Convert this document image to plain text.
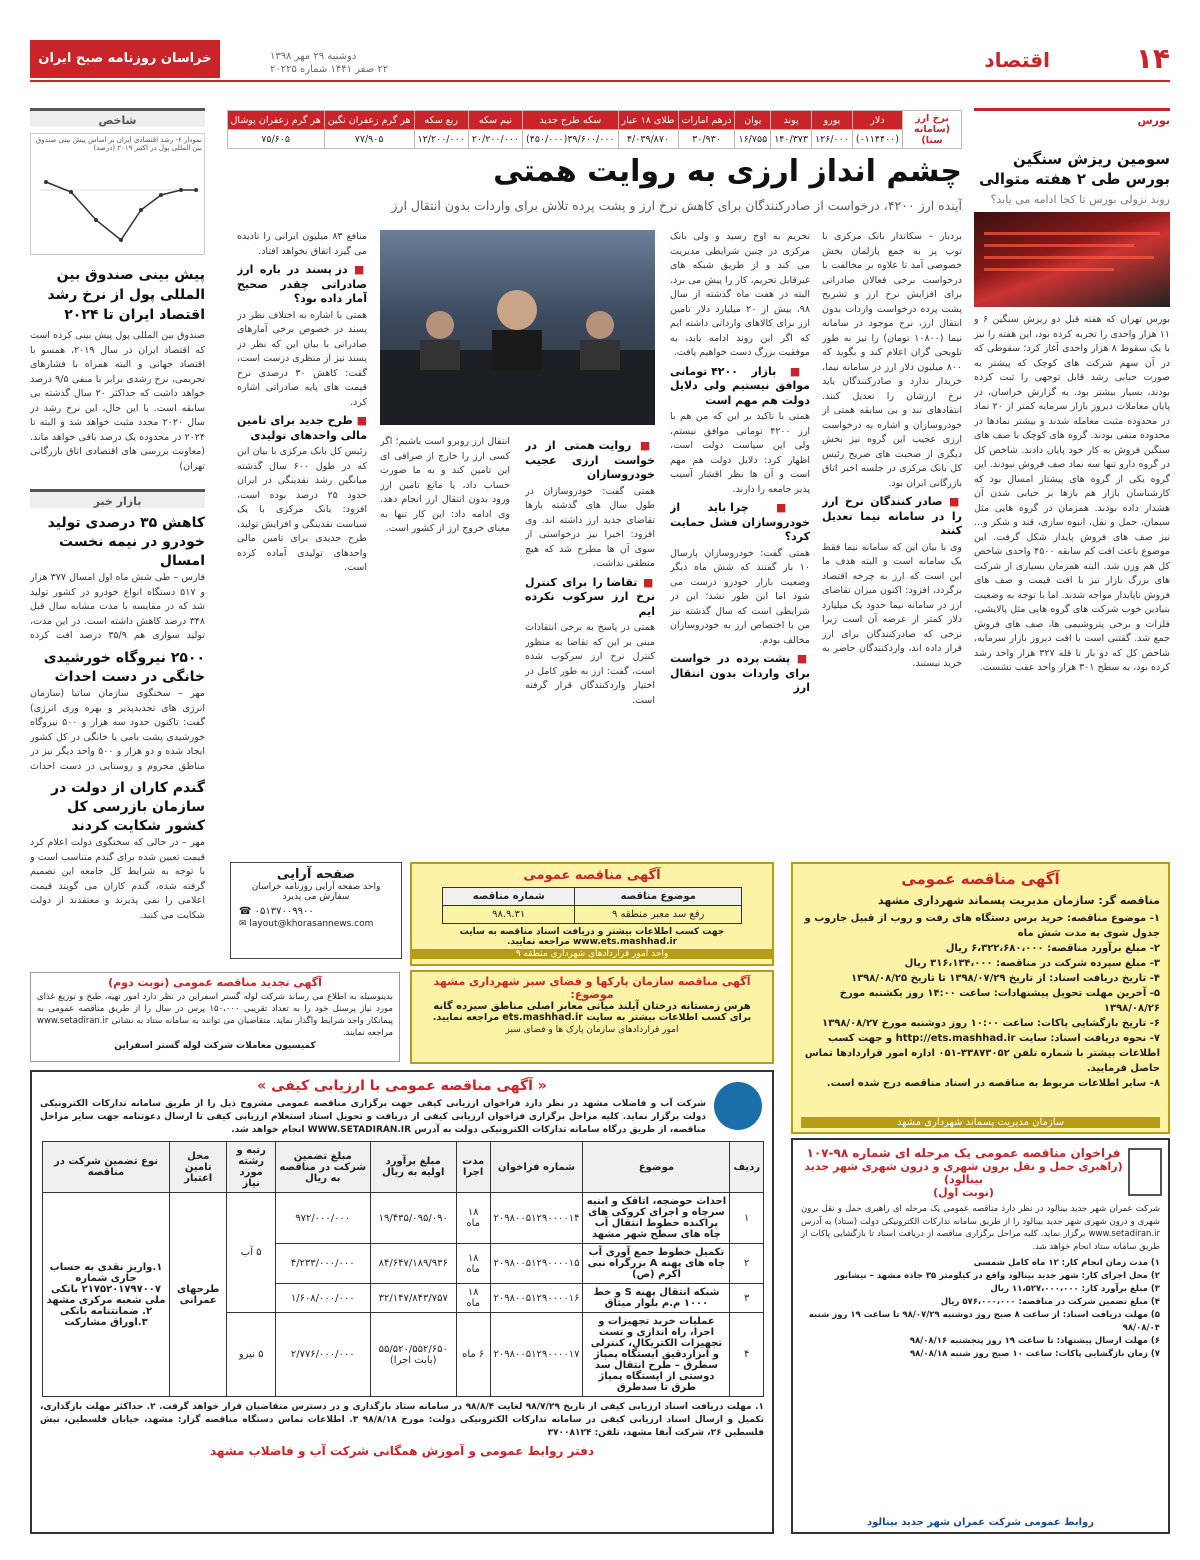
۱۴
اقتصاد
دوشنبه ۲۹ مهر ۱۳۹۸
۲۲ صفر ۱۴۴۱ شماره ۲۰۲۲۵
خراسان روزنامه صبح ایران
بورس
سومین ریزش سنگین بورس طی ۲ هفته متوالی
روند نزولی بورس تا کجا ادامه می یابد؟
بورس تهران که هفته قبل دو ریزش سنگین ۶ و ۱۱ هزار واحدی را تجربه کرده بود، این هفته را نیز با یک سقوط ۸ هزار واحدی آغاز کرد؛ سقوطی که در آن سهم شرکت های کوچک که پیشتر به صورت حبابی رشد قابل توجهی را ثبت کرده بودند، بسیار بیشتر بود. به گزارش خراسان، در پایان معاملات دیروز بازار سرمایه کمتر از ۲۰ نماد در محدوده مثبت معامله شدند و بیشتر نمادها در محدوده منفی بودند. گروه های کوچک با صف های سنگین فروش به کار خود پایان دادند. شاخص کل در گروه دارو تنها سه نماد صف فروش نبودند. این گروه یکی از گروه های پیشتاز امسال بود که کارشناسان بازار هم بارها بر حبابی شدن آن هشدار داده بودند. همزمان در گروه هایی مثل سیمان، حمل و نقل، انبوه سازی، قند و شکر و... نیز صف های فروش پایدار شکل گرفت. این موضوع باعث افت کم سابقه ۴۵۰۰ واحدی شاخص کل هم وزن شد. البته همزمان بسیاری از شرکت های بزرگ بازار نیز با افت قیمت و صف های فروش ناپایدار مواجه شدند. اما با توجه به وضعیت بنیادین خوب شرکت های گروه هایی مثل پالایشی، فلزات و برخی پتروشیمی ها، صف های فروش جمع شد. گفتنی است با افت دیروز بازار سرمایه، شاخص کل که دو بار تا قله ۳۲۷ هزار واحد رشد کرده بود، به سطح ۳۰۱ هزار واحد عقب نشست.
نرخ ارز (سامانه سنا)	دلار	یورو	پوند	یوان	درهم امارات	طلای ۱۸ عیار	سکه طرح جدید	نیم سکه	ربع سکه	هر گرم زعفران نگین	هر گرم زعفران پوشال
	(۰۱۱۴۴۰۰)	۱۲۶/۰۰۰	۱۴۰/۳۷۳	۱۶/۷۵۵	۳۰/۹۳۰	۴/۰۳۹/۸۷۰	۳۹/۶۰۰/۰۰۰(۴۵۰/۰۰۰)	۲۰/۲۰۰/۰۰۰	۱۲/۲۰۰/۰۰۰	۷۷/۹۰۵	۷۵/۶۰۵
چشم انداز ارزی به روایت همتی
آینده ارز ۴۲۰۰، درخواست از صادرکنندگان برای کاهش نرخ ارز و پشت پرده تلاش برای واردات بدون انتقال ارز
بردبار – سکاندار بانک مرکزی با توپ پر به جمع پارلمان بخش خصوصی آمد تا علاوه بر مخالفت با درخواست برخی فعالان صادراتی برای افزایش نرخ ارز و تشریح پشت پرده درخواست واردات بدون انتقال ارز، نرخ موجود در سامانه نیما (۱۰۸۰۰ تومان) را نیز به طور تلویحی گران اعلام کند و بگوید که ۸۰۰ میلیون دلار ارز در سامانه نیما، خریدار ندارد و صادرکنندگان باید نرخ ارزشان را تعدیل کنند. انتقادهای تند و بی سابقه همتی از خودروسازان و اشاره به درخواست ارزی عجیب این گروه نیز بخش دیگری از صحبت های صریح رئیس کل بانک مرکزی در جلسه اخیر اتاق بازرگانی ایران بود.
■ صادر کنندگان نرخ ارز را در سامانه نیما تعدیل کنند
وی با بیان این که سامانه نیما فقط یک سامانه است و البته هدف ما این است که ارز به چرخه اقتصاد برگردد، افزود: اکنون میزان تقاضای ارز در سامانه نیما حدود یک میلیارد دلار کمتر از عرضه آن است زیرا نرخی که صادرکنندگان برای ارز قرار داده اند، واردکنندگان حاضر به خرید نیستند.
تحریم به اوج رسید و ولی بانک مرکزی در چنین شرایطی مدیریت می کند و از طریق شبکه های غیرقابل تحریم، کار را پیش می برد. البته در هفت ماه گذشته از سال ۹۸، بیش از ۲۰ میلیارد دلار تامین ارز برای کالاهای وارداتی داشته ایم که اگر این روند ادامه یابد، به موفقیت بزرگ دست خواهیم یافت.
■ بازار ۴۲۰۰ تومانی موافق نیستیم ولی دلایل دولت هم مهم است
همتی با تاکید بر این که من هم با ارز ۴۲۰۰ تومانی موافق نیستم، ولی این سیاست دولت است، اظهار کرد: دلایل دولت هم مهم است و آن ها نظر اقشار آسیب پذیر جامعه را دارند.
■ چرا باید از خودروسازان فشل حمایت کرد؟
همتی گفت: خودروسازان پارسال ۱۰ بار گفتند که شش ماه دیگر وضعیت بازار خودرو درست می شود اما این طور نشد؛ این در شرایطی است که سال گذشته نیز من با اختصاص ارز به خودروسازان مخالف بودم.
■ پشت پرده در خواست برای واردات بدون انتقال ارز
■ روایت همتی از در خواست ارزی عجیب خودروسازان
همتی گفت: خودروسازان در طول سال های گذشته بارها تقاضای جدید ارز داشته اند. وی افزود: اخیرا نیز درخواستی از سوی آن ها مطرح شد که هیچ منطقی نداشت.
■ تقاضا را برای کنترل نرخ ارز سرکوب نکرده ایم
همتی در پاسخ به برخی انتقادات مبنی بر این که تقاضا به منظور کنترل نرخ ارز سرکوب شده است، گفت: ارز به طور کامل در اختیار واردکنندگان قرار گرفته است.
انتقال ارز روبرو است باشیم؛ اگر کسی ارز را خارج از صرافی ای این تامین کند و به ما صورت حساب داد، یا مانع تامین ارز ورود بدون انتقال ارز انجام دهد. وی ادامه داد: این کار تنها به معنای خروج ارز از کشور است.
منافع ۸۳ میلیون ایرانی را نادیده می گیرد اتفاق نخواهد افتاد.
■ دز پسند در باره ارز صادراتی چقدر صحیح آمار داده بود؟
همتی با اشاره به اختلاف نظر دز پسند در خصوص برخی آمارهای صادراتی با بیان این که نظر دز پسند نیز از منظری درست است، گفت: کاهش ۳۰ درصدی نرخ قیمت های پایه صادراتی اشاره کرد.
■ طرح جدید برای تامین مالی واحدهای تولیدی
رئیس کل بانک مرکزی با بیان این که در طول ۶۰۰ سال گذشته میانگین رشد نقدینگی در ایران حدود ۲۵ درصد بوده است، افزود: بانک مرکزی با یک سیاست نقدینگی و افزایش تولید، طرح جدیدی برای تامین مالی واحدهای تولیدی آماده کرده است.
شاخص
نمودار ۶- رشد اقتصادی ایران بر اساس پیش بینی صندوق بین المللی پول در اکتبر ۲۰۱۹ (درصد)
پیش بینی صندوق بین المللی پول از نرخ رشد اقتصاد ایران تا ۲۰۲۴
صندوق بین المللی پول پیش بینی کرده است که اقتصاد ایران در سال ۲۰۱۹، همسو با اقتصاد جهانی و البته همراه با فشارهای تحریمی، نرخ رشدی برابر با منفی ۹/۵ درصد خواهد داشت که حداکثر ۲۰ سال گذشته بی سابقه است. با این حال، این نرخ رشد در سال ۲۰۲۰ مجدد مثبت خواهد شد و البته تا ۲۰۲۴ در محدوده یک درصد باقی خواهد ماند. (معاونت بررسی های اقتصادی اتاق بازرگانی تهران)
بازار خبر
کاهش ۳۵ درصدی تولید خودرو در نیمه نخست امسال
فارس – طی شش ماه اول امسال ۳۷۷ هزار و ۵۱۷ دستگاه انواع خودرو در کشور تولید شد که در مقایسه با مدت مشابه سال قبل ۳۴۸ درصد کاهش داشته است. در این مدت، تولید سواری هم ۳۵/۹ درصد افت کرده
۲۵۰۰ نیروگاه خورشیدی خانگی در دست احداث
مهر – سخنگوی سازمان ساتبا (سازمان انرژی های تجدیدپذیر و بهره وری انرژی) گفت: تاکنون حدود سه هزار و ۵۰۰ نیروگاه خورشیدی پشت بامی یا خانگی در کل کشور ایجاد شده و دو هزار و ۵۰۰ واحد دیگر نیز در مناطق محروم و روستایی در دست احداث
گندم کاران از دولت در سازمان بازرسی کل کشور شکایت کردند
مهر – در حالی که سخنگوی دولت اعلام کرد قیمت تعیین شده برای گندم متناسب است و با توجه به شرایط کل جامعه این تصمیم گرفته شده، گندم کاران می گویند قیمت اعلامی را نمی پذیرند و معتقدند از دولت شکایت می کنند.
صفحه آرایی
واحد صفحه آرایی روزنامه خراسان
سفارش می پذیرد
☎ ۰۵۱۳۷۰۰۹۹۰۰
✉ layout@khorasannews.com
آگهی مناقصه عمومی
موضوع مناقصه	شماره مناقصه
رفع سد معبر منطقه ۹	۹۸.۹.۳۱
جهت کسب اطلاعات بیشتر و دریافت اسناد مناقصه به سایت www.ets.mashhad.ir مراجعه نمایید.
واحد امور قراردادهای شهرداری منطقه ۹
آگهی مناقصه سازمان پارکها و فضای سبز شهرداری مشهد
موضوع:
هرس زمستانه درختان آیلند میانی معابر اصلی مناطق سیزده گانه
برای کسب اطلاعات بیشتر به سایت ets.mashhad.ir مراجعه نمایید.
امور قراردادهای سازمان پارک ها و فضای سبز
آگهی مناقصه عمومی
مناقصه گر: سازمان مدیریت پسماند شهرداری مشهد
۱- موضوع مناقصه: خرید برس دستگاه های رفت و روب از قبیل جاروب و جدول شوی به مدت شش ماه
۲- مبلغ برآورد مناقصه: ۶،۳۲۲،۶۸۰،۰۰۰ ریال
۳- مبلغ سپرده شرکت در مناقصه: ۳۱۶،۱۳۴،۰۰۰ ریال
۴- تاریخ دریافت اسناد: از تاریخ ۱۳۹۸/۰۷/۲۹ تا تاریخ ۱۳۹۸/۰۸/۲۵
۵- آخرین مهلت تحویل پیشنهادات: ساعت ۱۴:۰۰ روز یکشنبه مورخ ۱۳۹۸/۰۸/۲۶
۶- تاریخ بازگشایی پاکات: ساعت ۱۰:۰۰ روز دوشنبه مورخ ۱۳۹۸/۰۸/۲۷
۷- نحوه دریافت اسناد: سایت http://ets.mashhad.ir و جهت کسب اطلاعات بیشتر با شماره تلفن ۳۳۸۷۳۰۵۲-۰۵۱ اداره امور قراردادها تماس حاصل فرمایید.
۸- سایر اطلاعات مربوط به مناقصه در اسناد مناقصه درج شده است.
سازمان مدیریت پسماند شهرداری مشهد
آگهی تجدید مناقصه عمومی (نوبت دوم)
بدینوسیله به اطلاع می رساند شرکت لوله گستر اسفراین در نظر دارد امور تهیه، طبخ و توزیع غذای مورد نیاز پرسنل خود را به تعداد تقریبی ۱۵۰،۰۰۰ پرس در سال را از طریق مناقصه عمومی به پیمانکار واجد شرایط واگذار نماید. متقاضیان می توانند به سامانه ستاد به نشانی www.setadiran.ir مراجعه نمایند.
کمیسیون معاملات شرکت لوله گستر اسفراین
« آگهی مناقصه عمومی با ارزیابی کیفی »
شرکت آب و فاضلاب مشهد در نظر دارد فراخوان ارزیابی کیفی جهت برگزاری مناقصه عمومی مشروح ذیل را از طریق سامانه تدارکات الکترونیکی دولت برگزار نماید. کلیه مراحل برگزاری فراخوان ارزیابی کیفی از دریافت و تحویل اسناد استعلام ارزیابی کیفی تا ارسال دعوتنامه جهت سایر مراحل مناقصه، از طریق درگاه سامانه تدارکات الکترونیکی دولت به آدرس WWW.SETADIRAN.IR انجام خواهد شد.
ردیف	موضوع	شماره فراخوان	مدت اجرا	مبلغ برآورد اولیه به ریال	مبلغ تضمین شرکت در مناقصه به ریال	رتبه و رشته مورد نیاز	محل تامین اعتبار	نوع تضمین شرکت در مناقصه
۱	احداث حوضچه، اتاقک و ابنیه سرچاه و اجرای کروکی های پراکنده خطوط انتقال آب چاه های سطح شهر مشهد	۲۰۹۸۰۰۵۱۲۹۰۰۰۰۱۴	۱۸ ماه	۱۹/۴۳۵/۰۹۵/۰۹۰	۹۷۲/۰۰۰/۰۰۰	۵ آب	طرحهای عمرانی	۱.واریز نقدی به حساب جاری شماره ۲۱۷۵۲۰۱۷۹۷۰۰۷ بانکی ملی شعبه مرکزی مشهد ۲. ضمانتنامه بانکی ۳.اوراق مشارکت
۲	تکمیل خطوط جمع آوری آب چاه های پهنه A بزرگراه نبی اکرم (ص)	۲۰۹۸۰۰۵۱۲۹۰۰۰۰۱۵	۱۸ ماه	۸۴/۶۴۷/۱۸۹/۹۳۶	۴/۲۳۳/۰۰۰/۰۰۰			
۳	شبکه انتقال پهنه S و خط ۱۰۰۰ م.م بلوار میثاق	۲۰۹۸۰۰۵۱۲۹۰۰۰۰۱۶	۱۸ ماه	۳۲/۱۴۷/۸۴۳/۷۵۷	۱/۶۰۸/۰۰۰/۰۰۰			
۴	عملیات خرید تجهیزات و اجرا، راه اندازی و تست تجهیزات الکتریکال، کنترلی و ابزاردقیق ایستگاه پمپاژ سطرق – طرح انتقال سد دوستی از ایستگاه پمپاژ طرق تا سدطرق	۲۰۹۸۰۰۵۱۲۹۰۰۰۰۱۷	۶ ماه	۵۵/۵۲۰/۵۵۲/۶۵۰ (بابت اجرا)	۲/۷۷۶/۰۰۰/۰۰۰	۵ نیرو		
۱. مهلت دریافت اسناد ارزیابی کیفی از تاریخ ۹۸/۷/۲۹ لغایت ۹۸/۸/۴ در سامانه ستاد بارگذاری و در دسترس متقاضیان قرار خواهد گرفت. ۲. حداکثر مهلت بارگذاری، تکمیل و ارسال اسناد ارزیابی کیفی در سامانه تدارکات الکترونیکی دولت: مورخ ۹۸/۸/۱۸ ۳. اطلاعات تماس دستگاه مناقصه گزار: مشهد، خیابان فلسطین، نبش فلسطین ۲۶، شرکت آبفا مشهد، تلفن: ۳۷۰۰۸۱۲۴
دفتر روابط عمومی و آموزش همگانی شرکت آب و فاضلاب مشهد
فراخوان مناقصه عمومی یک مرحله ای شماره ۹۸-۱۰۷
(راهبری حمل و نقل برون شهری و درون شهری شهر جدید بینالود)
(نوبت اول)
شرکت عمران شهر جدید بینالود در نظر دارد مناقصه عمومی یک مرحله ای راهبری حمل و نقل برون شهری و درون شهری شهر جدید بینالود را از طریق سامانه تدارکات الکترونیکی دولت (ستاد) به آدرس www.setadiran.ir برگزار نماید. کلیه مراحل برگزاری مناقصه از دریافت اسناد تا بازگشایی پاکات از طریق سامانه ستاد انجام خواهد شد.
۱) مدت زمان انجام کار: ۱۲ ماه کامل شمسی
۲) محل اجرای کار: شهر جدید بینالود واقع در کیلومتر ۳۵ جاده مشهد – نیشابور
۳) مبلغ برآورد کار: ۱۱،۵۲۷،۰۰۰،۰۰۰ ریال
۴) مبلغ تضمین شرکت در مناقصه: ۵۷۶،۰۰۰،۰۰۰ ریال
۵) مهلت دریافت اسناد: از ساعت ۸ صبح روز دوشنبه ۹۸/۰۷/۲۹ تا ساعت ۱۹ روز شنبه ۹۸/۰۸/۰۴
۶) مهلت ارسال پیشنهاد: تا ساعت ۱۹ روز پنجشنبه ۹۸/۰۸/۱۶
۷) زمان بازگشایی پاکات: ساعت ۱۰ صبح روز شنبه ۹۸/۰۸/۱۸
روابط عمومی شرکت عمران شهر جدید بینالود
